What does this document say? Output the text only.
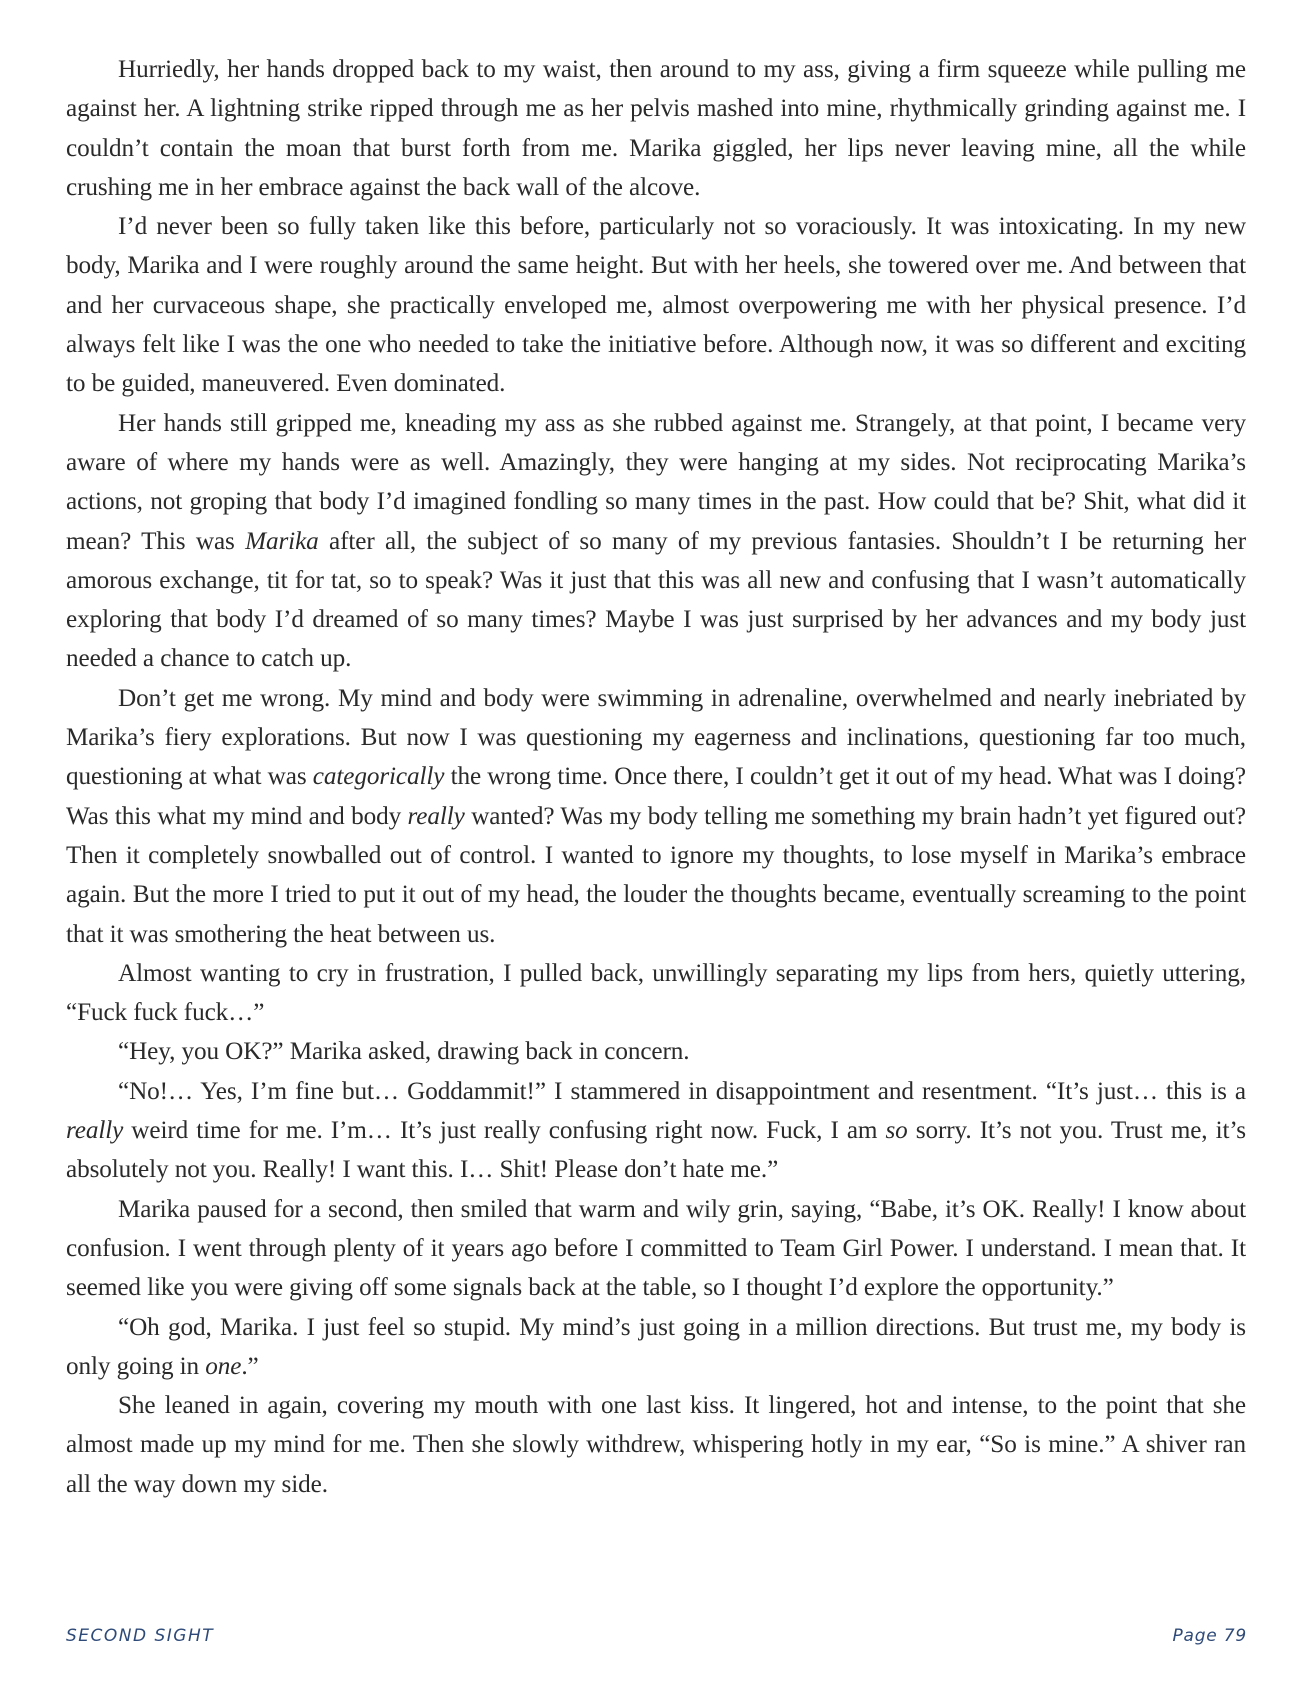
Hurriedly, her hands dropped back to my waist, then around to my ass, giving a firm squeeze while pulling me against her. A lightning strike ripped through me as her pelvis mashed into mine, rhythmically grinding against me. I couldn’t contain the moan that burst forth from me. Marika giggled, her lips never leaving mine, all the while crushing me in her embrace against the back wall of the alcove.

I’d never been so fully taken like this before, particularly not so voraciously. It was intoxicating. In my new body, Marika and I were roughly around the same height. But with her heels, she towered over me. And between that and her curvaceous shape, she practically enveloped me, almost overpowering me with her physical presence. I’d always felt like I was the one who needed to take the initiative before. Although now, it was so different and exciting to be guided, maneuvered. Even dominated.

Her hands still gripped me, kneading my ass as she rubbed against me. Strangely, at that point, I became very aware of where my hands were as well. Amazingly, they were hanging at my sides. Not reciprocating Marika’s actions, not groping that body I’d imagined fondling so many times in the past. How could that be? Shit, what did it mean? This was Marika after all, the subject of so many of my previous fantasies. Shouldn’t I be returning her amorous exchange, tit for tat, so to speak? Was it just that this was all new and confusing that I wasn’t automatically exploring that body I’d dreamed of so many times? Maybe I was just surprised by her advances and my body just needed a chance to catch up.

Don’t get me wrong. My mind and body were swimming in adrenaline, overwhelmed and nearly inebriated by Marika’s fiery explorations. But now I was questioning my eagerness and inclinations, questioning far too much, questioning at what was categorically the wrong time. Once there, I couldn’t get it out of my head. What was I doing? Was this what my mind and body really wanted? Was my body telling me something my brain hadn’t yet figured out? Then it completely snowballed out of control. I wanted to ignore my thoughts, to lose myself in Marika’s embrace again. But the more I tried to put it out of my head, the louder the thoughts became, eventually screaming to the point that it was smothering the heat between us.

Almost wanting to cry in frustration, I pulled back, unwillingly separating my lips from hers, quietly uttering, “Fuck fuck fuck…”

“Hey, you OK?” Marika asked, drawing back in concern.

“No!… Yes, I’m fine but… Goddammit!” I stammered in disappointment and resentment. “It’s just… this is a really weird time for me. I’m… It’s just really confusing right now. Fuck, I am so sorry. It’s not you. Trust me, it’s absolutely not you. Really! I want this. I… Shit! Please don’t hate me.”

Marika paused for a second, then smiled that warm and wily grin, saying, “Babe, it’s OK. Really! I know about confusion. I went through plenty of it years ago before I committed to Team Girl Power. I understand. I mean that. It seemed like you were giving off some signals back at the table, so I thought I’d explore the opportunity.”

“Oh god, Marika. I just feel so stupid. My mind’s just going in a million directions. But trust me, my body is only going in one.”

She leaned in again, covering my mouth with one last kiss. It lingered, hot and intense, to the point that she almost made up my mind for me. Then she slowly withdrew, whispering hotly in my ear, “So is mine.” A shiver ran all the way down my side.

SECOND SIGHT	Page 79
